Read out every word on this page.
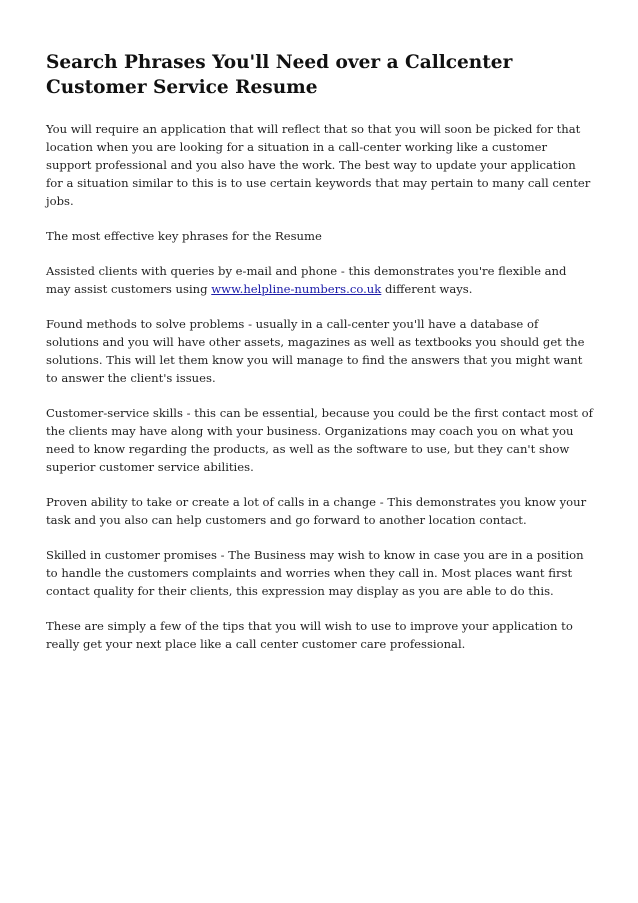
Search Phrases You'll Need over a Callcenter Customer Service Resume

You will require an application that will reflect that so that you will soon be picked for that location when you are looking for a situation in a call-center working like a customer support professional and you also have the work. The best way to update your application for a situation similar to this is to use certain keywords that may pertain to many call center jobs.

The most effective key phrases for the Resume

Assisted clients with queries by e-mail and phone - this demonstrates you're flexible and may assist customers using www.helpline-numbers.co.uk different ways.

Found methods to solve problems - usually in a call-center you'll have a database of solutions and you will have other assets, magazines as well as textbooks you should get the solutions. This will let them know you will manage to find the answers that you might want to answer the client's issues.

Customer-service skills - this can be essential, because you could be the first contact most of the clients may have along with your business. Organizations may coach you on what you need to know regarding the products, as well as the software to use, but they can't show superior customer service abilities.

Proven ability to take or create a lot of calls in a change - This demonstrates you know your task and you also can help customers and go forward to another location contact.

Skilled in customer promises - The Business may wish to know in case you are in a position to handle the customers complaints and worries when they call in. Most places want first contact quality for their clients, this expression may display as you are able to do this.

These are simply a few of the tips that you will wish to use to improve your application to really get your next place like a call center customer care professional.
